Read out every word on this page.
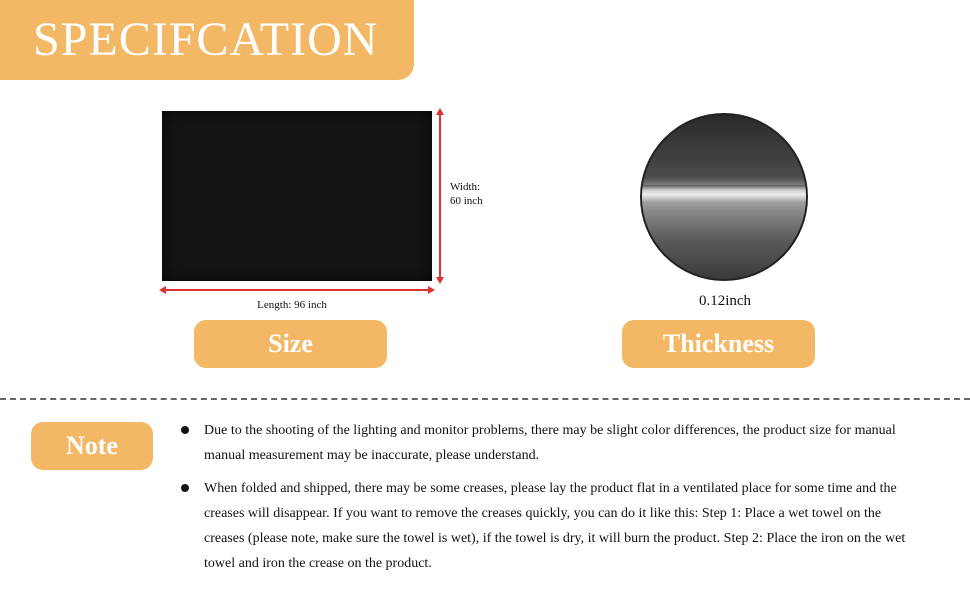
SPECIFCATION
Width:
60 inch
Length: 96 inch
Size
0.12inch
Thickness
Note
Due to the shooting of the lighting and monitor problems, there may be slight color differences, the product size for manual manual measurement may be inaccurate, please understand.
When folded and shipped, there may be some creases, please lay the product flat in a ventilated place for some time and the creases will disappear. If you want to remove the creases quickly, you can do it like this: Step 1: Place a wet towel on the creases (please note, make sure the towel is wet), if the towel is dry, it will burn the product. Step 2: Place the iron on the wet towel and iron the crease on the product.
